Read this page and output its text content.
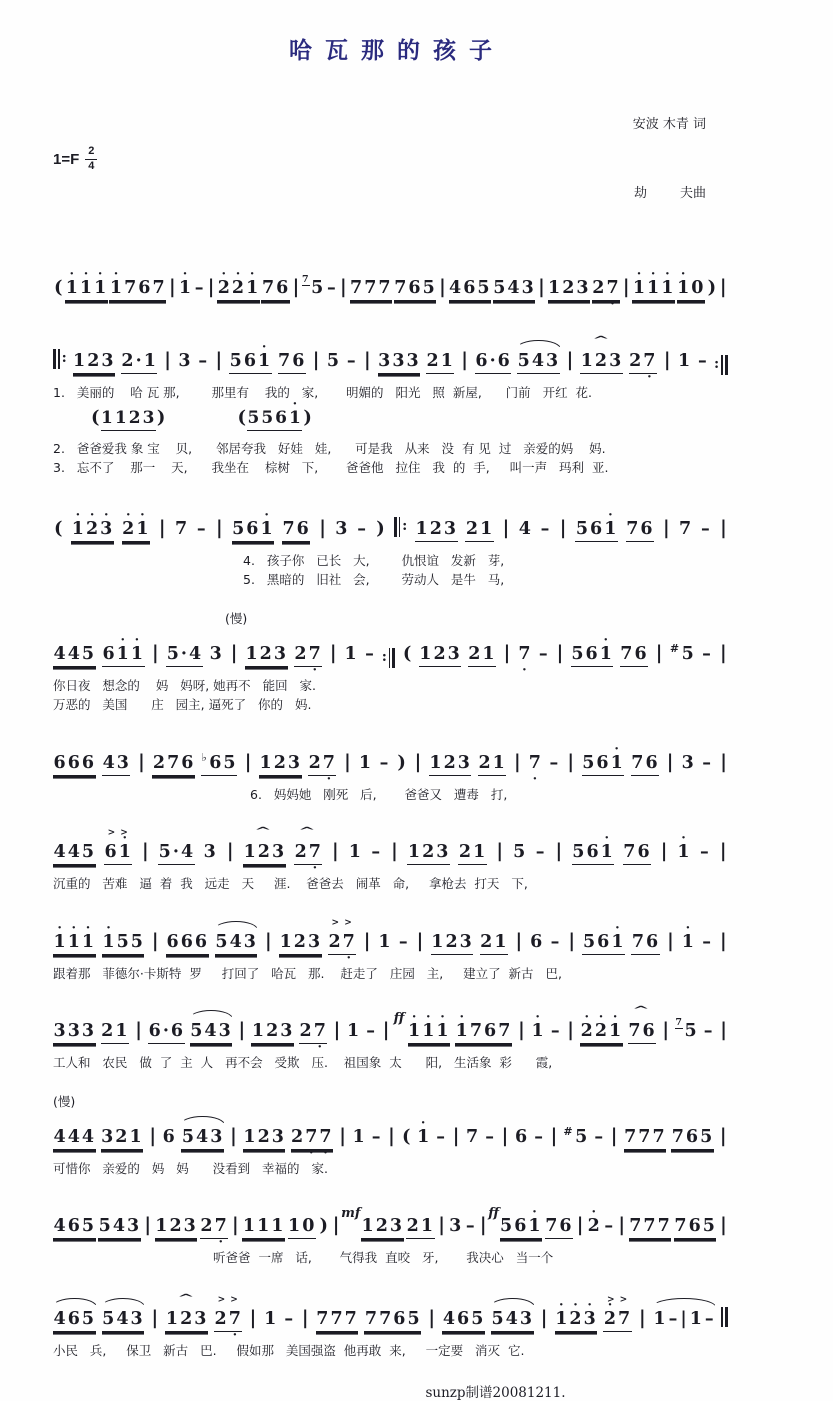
哈瓦那的孩子
$1=F \frac{2}{4}$

安波 木青 词

劫        夫曲

( · 1 · 1 · 1 · 1 7 6 7 | · 1 – | · 2 · 2 · 1 7 6 | 7 5 – | 7 7 7 7 6 5 | 4 6 5 5 4 3 | 1 2 3 2 7 · | · 1 · 1 · 1 · 1 0 ) |
: 1 2 3 2 · 1 | 3 – | 5 6 · 1 7 6 | 5 – | 3 3 3 2 1 | 6 · 6 5 4 3 |
^
1 2 3 2 7 · | 1 – :
1.   美丽的    哈 瓦 那,        那里有    我的   家,       明媚的   阳光   照  新屋,      门前   开红  花.
( 1 1 2 3 )	( 5 5 6 · 1 )
2.   爸爸爱我 象 宝    贝,      邻居夸我   好娃   娃,      可是我   从来   没  有 见  过   亲爱的妈    妈.
3.   忘不了    那一    天,      我坐在    棕树   下,       爸爸他   拉住   我  的  手,     叫一声   玛利  亚.
( · 1 · 2 · 3 · 2 · 1 | 7 – | 5 6 · 1 7 6 | 3 – ) : 1 2 3 2 1 | 4 – | 5 6 · 1 7 6 | 7 – |
4.   孩子你   已长   大,        仇恨谊   发新   芽,
5.   黑暗的   旧社   会,        劳动人   是牛   马,
(慢)
4 4 5 6 · 1 · 1 | 5 · 4 3 | 1 2 3 2 7 · | 1 – : ( 1 2 3 2 1 | 7 · – | 5 6 · 1 7 6 | # 5 – |
你日夜   想念的    妈   妈呀, 她再不   能回   家.
万恶的   美国      庄   园主, 逼死了   你的   妈.
6 6 6 4 3 | 2 7 6 ♭ 6 5 | 1 2 3 2 7 · | 1 – ) | 1 2 3 2 1 | 7 · – | 5 6 · 1 7 6 | 3 – |
6.   妈妈她   刚死   后,       爸爸又   遭毒   打,
4 4 5
> >
6 · 1 | 5 · 4 3 |
^
1 2 3
^
2 7 · | 1 – | 1 2 3 2 1 | 5 – | 5 6 · 1 7 6 | · 1 – |
沉重的   苦难   逼  着  我   远走   天     涯.    爸爸去   闹革   命,     拿枪去  打天   下,
· 1 · 1 · 1 · 1 5 5 | 6 6 6 5 4 3 | 1 2 3
> >
2 7 · | 1 – | 1 2 3 2 1 | 6 – | 5 6 · 1 7 6 | · 1 – |
跟着那   菲德尔·卡斯特  罗     打回了   哈瓦   那.    赶走了   庄园   主,     建立了  新古   巴,
3 3 3 2 1 | 6 · 6 5 4 3 | 1 2 3 2 7 · | 1 – |
ff
· 1 · 1 · 1 · 1 7 6 7 | · 1 – | · 2 · 2 · 1
^
7 6 | 7 5 – |
工人和   农民   做  了  主  人   再不会   受欺   压.    祖国象  太      阳,   生活象  彩      霞,
(慢)
4 4 4 3 2 1 | 6 5 4 3 | 1 2 3 2 7 · 7 · | 1 – | ( · 1 – | 7 – | 6 – | # 5 – | 7 7 7 7 6 5 |
可惜你   亲爱的   妈   妈      没看到   幸福的   家.
4 6 5 5 4 3 | 1 2 3 2 7 · | 1 1 1 1 0 ) |
mf
1 2 3 2 1 | 3 – |
ff
5 6 · 1 7 6 | · 2 – | 7 7 7 7 6 5 |
听爸爸  一席   话,       气得我  直咬   牙,       我决心   当一个
4 6 5 5 4 3 |
^
1 2 3
> >
2 7 · | 1 – | 7 7 7 7 7 6 5 | 4 6 5 5 4 3 | · 1 · 2 · 3
> >
· 2 7 | 1 – | 1 –
小民   兵,     保卫   新古   巴.     假如那   美国强盗  他再敢  来,     一定要   消灭  它.
sunzp制谱20081211.
